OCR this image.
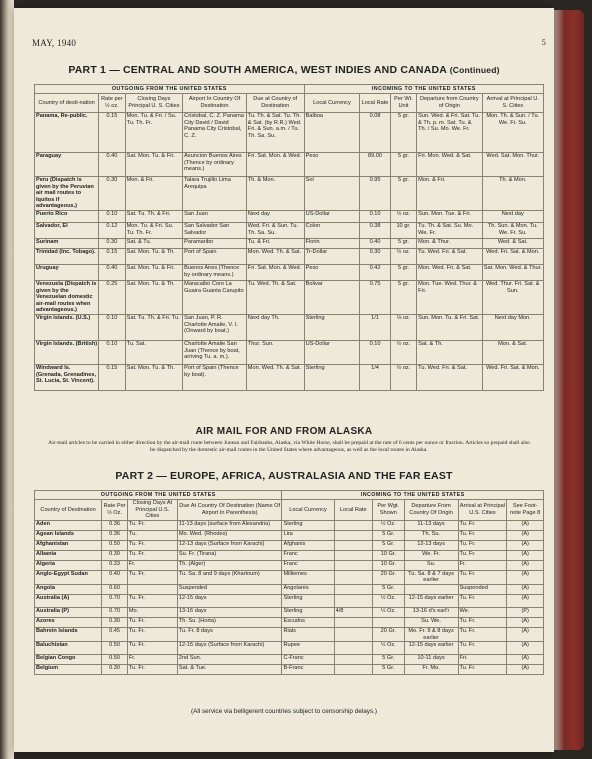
MAY, 1940	5
PART 1 — CENTRAL AND SOUTH AMERICA, WEST INDIES AND CANADA (Continued)
OUTGOING FROM THE UNITED STATES					INCOMING TO THE UNITED STATES				
Country of desti-nation	Rate per ½ oz.	Closing Days Principal U. S. Cities	Airport In Country Of Destination	Due at Country of Destination	Local Currency	Local Rate	Per Wt. Unit	Departure from Country of Origin	Arrival at Principal U. S. Cities
Panama, Re-public.	0.15	Mon. Tu. & Fri. / Su. Tu. Th. Fr.	Cristobal, C. Z. Panama City David / David Panama City Cristobal, C. Z.	Tu. Th. & Sat. Tu. Th. & Sat. (by R.R.) Wed. Fri. & Sun. a.m. / Tu. Th. Sa. Su.	Balboa	0.08	5 gr.	Sun. Wed. & Fri. Sat. Tu. & Th. p. m. Sat. Tu. & Th. / Su. Mo. We. Fr.	Mon. Th. & Sun. / Tu. We. Fr. Su.
Paraguay	0.40	Sat. Mon. Tu. & Fri.	Asuncion Buenos Aires (Thence by ordinary means.)	Fri. Sat. Mon. & Wed.	Peso	89.00	5 gr.	Fri. Mon. Wed. & Sat.	Wed. Sat. Mon. Thur.
Peru (Dispatch is given by the Peruvian air mail routes to Iquitos if advantageous.)	0.30	Mon. & Fri.	Talara Trujillo Lima Arequipa	Th. & Mon.	Sol	0.95	5 gr.	Mon. & Fri.	Th. & Mon.
Puerto Rico	0.10	Sat. Tu. Th. & Fri.	San Juan	Next day	US-Dollar	0.10	½ oz.	Sun. Mon. Tue. & Fri.	Next day
Salvador, El	0.12	Mon. Tu. & Fri. Su. Tu. Th. Fr.	San Salvador San Salvador	Wed. Fri. & Sun. Tu. Th. Sa. Su.	Colon	0.38	10 gr.	Tu. Th. & Sat. Su. Mo. We. Fr.	Th. Sun. & Mon. Tu. We. Fr. Su.
Surinam	0.30	Sat. & Tu.	Paramaribo	Tu. & Fri.	Florin	0.40	5 gr.	Mon. & Thur.	Wed. & Sat.
Trinidad (Inc. Tobago).	0.15	Sat. Mon. Tu. & Th.	Port of Spain	Mon. Wed. Th. & Sat.	Tr-Dollar	0.30	½ oz.	Tu. Wed. Fri. & Sat.	Wed. Fri. Sat. & Mon.
Uruguay	0.40	Sat. Mon. Tu. & Fri.	Buenos Aires (Thence by ordinary means.)	Fri. Sat. Mon. & Wed.	Peso	0.42	5 gr.	Mon. Wed. Fri. & Sat.	Sat. Mon. Wed. & Thur.
Venezuela (Dispatch is given by the Venezuelan domestic air-mail routes when advantageous.)	0.25	Sat. Mon. Tu. & Th.	Maracaibo Coro La Guaira Guanta Carupito	Tu. Wed. Th. & Sat.	Bolivar	0.75	5 gr.	Mon. Tue. Wed. Thur. & Fri.	Wed. Thur. Fri. Sat. & Sun.
Virgin Islands. (U.S.)	0.10	Sat. Tu. Th. & Fri. Tu.	San Juan, P. R. Charlotte Amalie, V. I. (Onward by boat.)	Next day Th.	Sterling	1/1	⅛ oz.	Sun. Mon. Tu. & Fri. Sat.	Next day Mon.
Virgin Islands. (British)	0.10	Tu. Sat.	Charlotte Amalie San Juan (Thence by boat, arriving Tu. a. m.).	Thur. Sun.	US-Dollar	0.10	½ oz.	Sat. & Th.	Mon. & Sat.
Windward Is. (Grenada, Grenadines, St. Lucia, St. Vincent).	0.15	Sat. Mon. Tu. & Th.	Port of Spain (Thence by boat).	Mon. Wed. Th. & Sat.	Sterling	1/4	½ oz.	Tu. Wed. Fri. & Sat.	Wed. Fri. Sat. & Mon.
AIR MAIL FOR AND FROM ALASKA
Air-mail articles to be carried in either direction by the air-mail route between Juneau and Fairbanks, Alaska, via White Horse, shall be prepaid at the rate of 6 cents per ounce or fraction. Articles so prepaid shall also be dispatched by the domestic air-mail routes in the United States where advantageous, as well as the local routes in Alaska.
PART 2 — EUROPE, AFRICA, AUSTRALASIA AND THE FAR EAST
OUTGOING FROM THE UNITED STATES				INCOMING TO THE UNITED STATES					
Country of Destination	Rate Per ½ Oz.	Closing Days At Principal U.S. Cities	Due At Country Of Destination (Name Of Airport In Parenthesis)	Local Currency	Local Rate	Per Wgt. Shown	Departure From Country Of Origin	Arrival at Principal U.S. Cities	See Foot-note Page 8
Aden	0.36	Tu. Fr.	11-13 days (surface from Alexandria)	Sterling		½ Oz.	11-13 days	Tu. Fr.	(A)
Agean Islands	0.36	Tu.	Mo. Wed. (Rhodes)	Lira		5 Gr.	Th. Su.	Tu. Fr.	(A)
Afghanistan	0.50	Tu. Fr.	12-13 days (Surface from Karachi)	Afghanis		5 Gr.	12-13 days	Tu. Fr.	(A)
Albania	0.30	Tu. Fr.	Su. Fr. (Tirana)	Franc		10 Gr.	We. Fr.	Tu. Fr.	(A)
Algeria	0.33	Fr.	Th. (Alger)	Franc		10 Gr.	Su.	Fr.	(A)
Anglo-Egypt Sudan	0.40	Tu. Fr.	Tu. Sa. 8 and 9 days (Khartoum)	Milliemes		20 Gr.	Tu. Sa. 8 & 7 days earlier	Tu. Fr.	(A)
Angola	0.60		Suspended	Angolares		5 Gr.		Suspended	(A)
Australia (A)	0.70	Tu. Fr.	12-15 days	Sterling		½ Oz.	12-15 days earlier	Tu. Fr.	(A)
Australia (P)	0.70	Mo.	13-16 days	Sterling	4/8	½ Oz.	13-16 d's earl'r	We.	(P)
Azores	0.30	Tu. Fr.	Th. Su. (Horta)	Escudos			Su. We.	Tu. Fr.	(A)
Bahrein Islands	0.45	Tu. Fr.	Tu. Fr. 8 days	Rials		20 Gr.	Mo. Fr. 9 & 8 days earlier	Tu. Fr.	(A)
Baluchistan	0.50	Tu. Fr.	12-15 days (Surface from Karachi)	Rupee		½ Oz.	12-15 days earlier	Tu. Fr.	(A)
Belgian Congo	0.50	Fr.	2nd Sun.	C-Franc		5 Gr.	10-11 days	Fri.	(A)
Belgium	0.30	Tu. Fr.	Sat. & Tue.	B-Franc		5 Gr.	Fr. Mo.	Tu. Fr.	(A)
(All service via belligerent countries subject to censorship delays.)
